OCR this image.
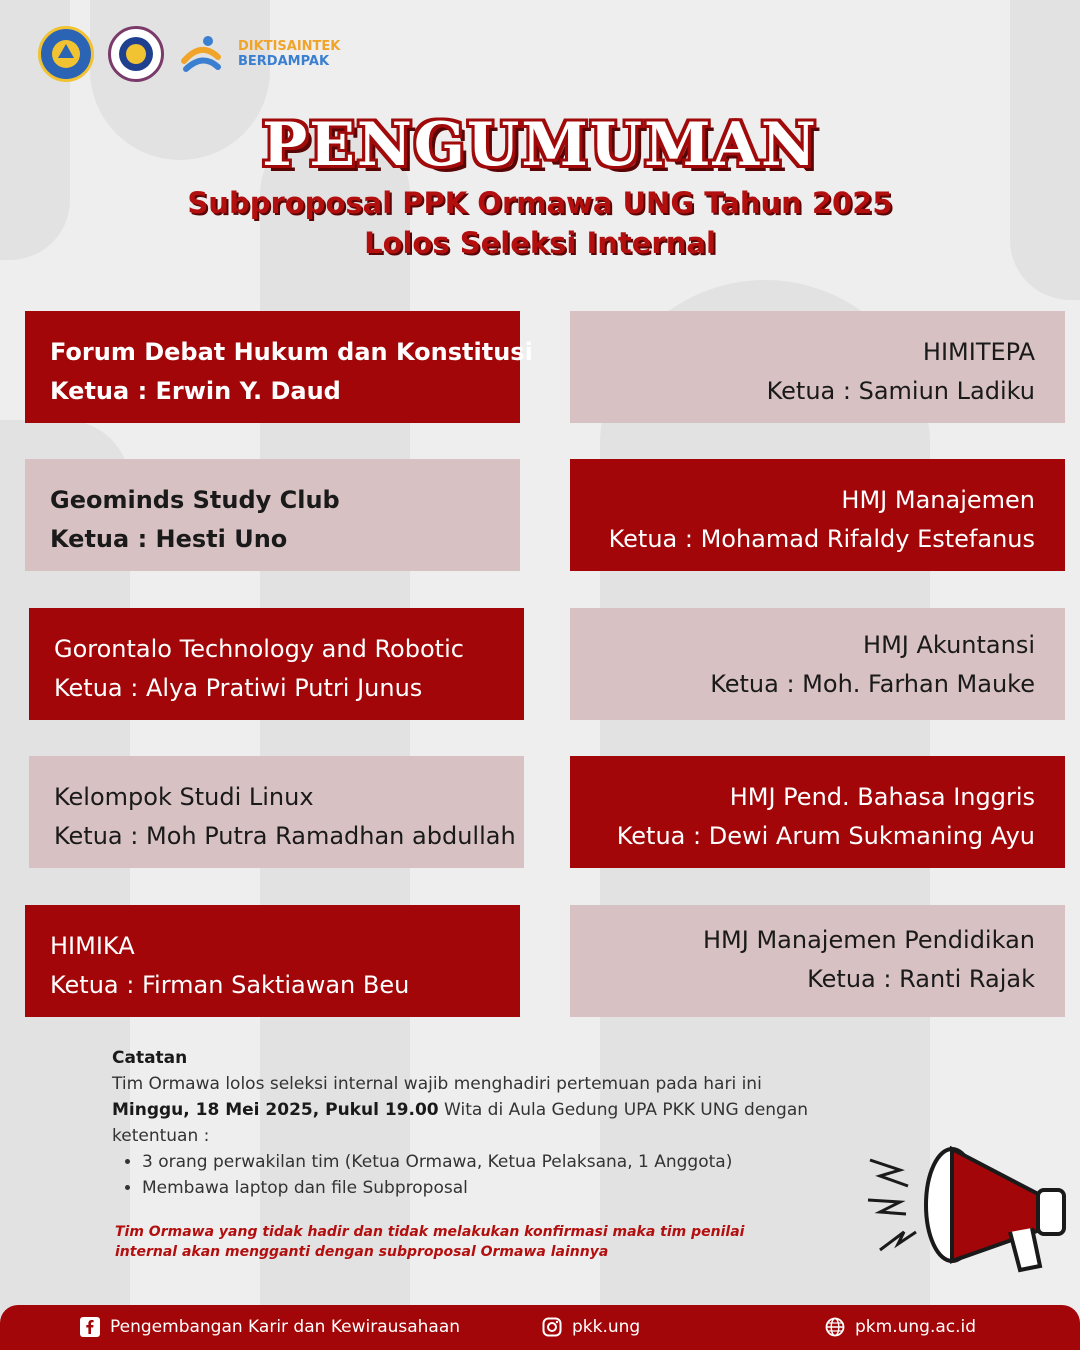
DIKTISAINTEK
BERDAMPAK
PENGUMUMAN
Subproposal PPK Ormawa UNG Tahun 2025
Lolos Seleksi Internal
Forum Debat Hukum dan Konstitusi
Ketua : Erwin Y. Daud
HIMITEPA
Ketua : Samiun Ladiku
Geominds Study Club
Ketua : Hesti Uno
HMJ Manajemen
Ketua : Mohamad Rifaldy Estefanus
Gorontalo Technology and Robotic
Ketua : Alya Pratiwi Putri Junus
HMJ Akuntansi
Ketua : Moh. Farhan Mauke
Kelompok Studi Linux
Ketua : Moh Putra Ramadhan abdullah
HMJ Pend. Bahasa Inggris
Ketua : Dewi Arum Sukmaning Ayu
HIMIKA
Ketua : Firman Saktiawan Beu
HMJ Manajemen Pendidikan
Ketua : Ranti Rajak
Catatan
Tim Ormawa lolos seleksi internal wajib menghadiri pertemuan pada hari ini
Minggu, 18 Mei 2025, Pukul 19.00 Wita di Aula Gedung UPA PKK UNG dengan
ketentuan :
• 3 orang perwakilan tim (Ketua Ormawa, Ketua Pelaksana, 1 Anggota)
• Membawa laptop dan file Subproposal
Tim Ormawa yang tidak hadir dan tidak melakukan konfirmasi maka tim penilai internal akan mengganti dengan subproposal Ormawa lainnya
Pengembangan Karir dan Kewirausahaan	pkk.ung	pkm.ung.ac.id
